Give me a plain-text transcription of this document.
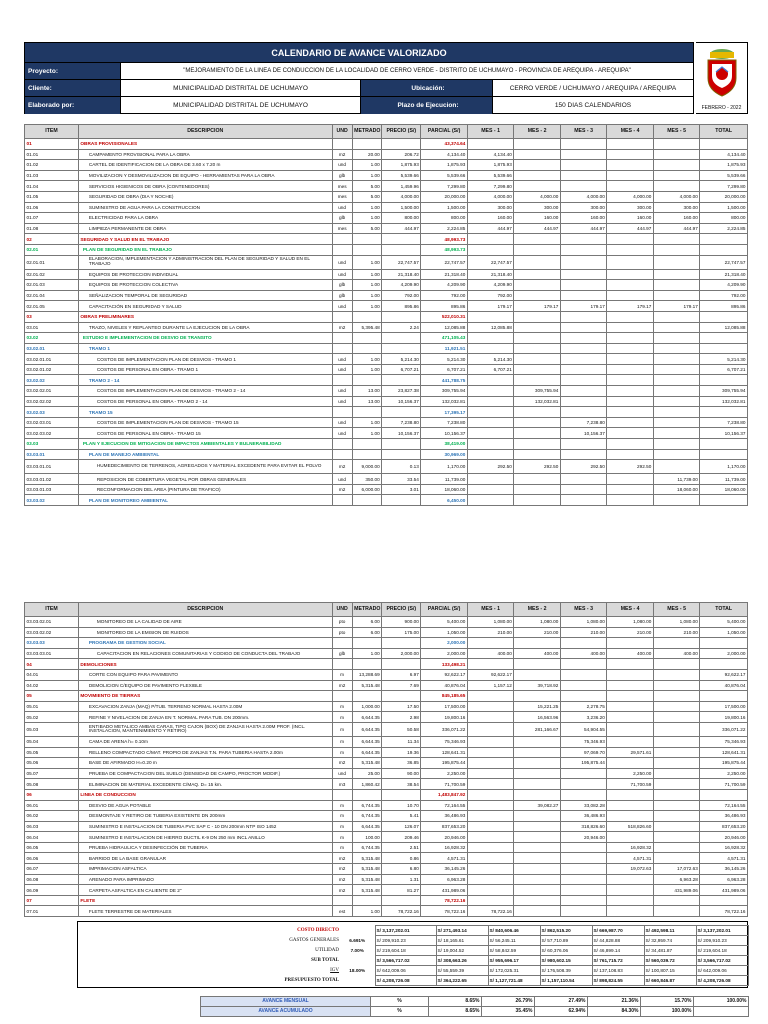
CALENDARIO DE AVANCE VALORIZADO
Proyecto:	"MEJORAMIENTO DE LA LINEA DE CONDUCCION DE LA LOCALIDAD DE CERRO VERDE - DISTRITO DE UCHUMAYO - PROVINCIA DE AREQUIPA - AREQUIPA"
Cliente:	MUNICIPALIDAD DISTRITAL DE UCHUMAYO	Ubicación:	CERRO VERDE / UCHUMAYO / AREQUIPA / AREQUIPA
Elaborado por:	MUNICIPALIDAD DISTRITAL DE UCHUMAYO	Plazo de Ejecucion:	150 DIAS CALENDARIOS	FEBRERO - 2022
ITEM	DESCRIPCION	UND	METRADO	PRECIO (S/)	PARCIAL (S/)	MES - 1	MES - 2	MES - 3	MES - 4	MES - 5	TOTAL
01	OBRAS PROVISIONALES				43,374.64						
01.01	CAMPAMENTO PROVISIONAL PARA LA OBRA	m2	20.00	206.72	4,134.40	4,134.40					4,134.40
01.02	CARTEL DE IDENTIFICACION DE LA OBRA DE 3.60 x 7.20 m	und	1.00	1,875.93	1,875.93	1,875.93					1,875.93
01.03	MOVILIZACION Y DESMOVILIZACION DE EQUIPO - HERRAMIENTAS PARA LA OBRA	glb	1.00	5,539.66	5,539.66	5,539.66					5,539.66
01.04	SERVICIOS HIGIENICOS DE OBRA (CONTENEDORES)	mes	5.00	1,459.96	7,299.80	7,299.80					7,299.80
01.05	SEGURIDAD DE OBRA (DIA Y NOCHE)	mes	5.00	4,000.00	20,000.00	4,000.00	4,000.00	4,000.00	4,000.00	4,000.00	20,000.00
01.06	SUMINISTRO DE AGUA PARA LA CONSTRUCCION	und	1.00	1,500.00	1,500.00	300.00	300.00	300.00	300.00	300.00	1,500.00
01.07	ELECTRICIDAD PARA LA OBRA	glb	1.00	800.00	800.00	160.00	160.00	160.00	160.00	160.00	800.00
01.08	LIMPIEZA PERMANENTE DE OBRA	mes	5.00	444.97	2,224.85	444.97	444.97	444.97	444.97	444.97	2,224.85
02	SEGURIDAD Y SALUD EN EL TRABAJO				48,993.73						
02.01	PLAN DE SEGURIDAD EN EL TRABAJO				48,993.73						
02.01.01	ELABORACION, IMPLEMENTACION Y ADMINISTRACION DEL PLAN DE SEGURIDAD Y SALUD EN EL TRABAJO	und	1.00	22,747.57	22,747.57	22,747.57					22,747.57
02.01.02	EQUIPOS DE PROTECCION INDIVIDUAL	und	1.00	21,318.40	21,318.40	21,318.40					21,318.40
02.01.03	EQUIPOS DE PROTECCION COLECTIVA	glb	1.00	4,209.90	4,209.90	4,209.90					4,209.90
02.01.04	SEÑALIZACION TEMPORAL DE SEGURIDAD	glb	1.00	792.00	792.00	792.00					792.00
02.01.05	CAPACITACIÓN EN SEGURIDAD Y SALUD	und	1.00	895.86	895.86	179.17	179.17	179.17	179.17	179.17	895.86
03	OBRAS PRELIMINARES				522,010.31						
03.01	TRAZO, NIVELES Y REPLANTEO DURANTE LA EJECUCION DE LA OBRA	m2	5,395.48	2.24	12,085.88	12,085.88					12,085.88
03.02	ESTUDIO E IMPLEMENTACION DE DESVIO DE TRANSITO				471,105.43						
03.02.01	TRAMO 1				11,921.51						
03.02.01.01	COSTOS DE IMPLEMENTACION PLAN DE DESVIOS - TRAMO 1	und	1.00	5,214.30	5,214.30	5,214.30					5,214.30
03.02.01.02	COSTOS DE PERSONAL EN OBRA - TRAMO 1	und	1.00	6,707.21	6,707.21	6,707.21					6,707.21
03.02.02	TRAMO 2 - 14				441,788.75						
03.02.02.01	COSTOS DE IMPLEMENTACION PLAN DE DESVIOS - TRAMO 2 - 14	und	13.00	23,827.38	309,755.94		309,755.94				309,755.94
03.02.02.02	COSTOS DE PERSONAL EN OBRA - TRAMO 2 - 14	und	13.00	10,156.37	132,032.81		132,032.81				132,032.81
03.02.03	TRAMO 15				17,395.17						
03.02.03.01	COSTOS DE IMPLEMENTACION PLAN DE DESVIOS - TRAMO 15	und	1.00	7,238.80	7,238.80			7,238.80			7,238.80
03.02.03.02	COSTOS DE PERSONAL EN OBRA - TRAMO 15	und	1.00	10,156.37	10,156.37			10,156.37			10,156.37
03.03	PLAN Y EJECUCION DE MITIGACION DE IMPACTOS AMBIENTALES Y BULNERABILIDAD				38,419.00						
03.03.01	PLAN DE MANEJO AMBIENTAL				30,969.00						
03.03.01.01	HUMEDECIMIENTO DE TERRENOS, AGREGADOS Y MATERIAL EXCEDENTE PARA EVITAR EL POLVO	m2	9,000.00	0.13	1,170.00	292.50	292.50	292.50	292.50		1,170.00
03.03.01.02	REPOSICION DE COBERTURA VEGETAL POR OBRAS GENERALES	und	350.00	33.54	11,739.00					11,739.00	11,739.00
03.03.01.03	RECONFORMACION DEL AREA (PINTURA DE TRAFICO)	m2	6,000.00	3.01	18,060.00					18,060.00	18,060.00
03.03.02	PLAN DE MONITOREO AMBIENTAL				6,450.00						
ITEM	DESCRIPCION	UND	METRADO	PRECIO (S/)	PARCIAL (S/)	MES - 1	MES - 2	MES - 3	MES - 4	MES - 5	TOTAL
03.03.02.01	MONITOREO DE LA CALIDAD DE AIRE	pto	6.00	900.00	5,400.00	1,080.00	1,080.00	1,080.00	1,080.00	1,080.00	5,400.00
03.03.02.02	MONITOREO DE LA EMISION DE RUIDOS	pto	6.00	175.00	1,050.00	210.00	210.00	210.00	210.00	210.00	1,050.00
03.03.03	PROGRAMA DE GESTION SOCIAL				2,000.00						
03.03.03.01	CAPACITACION EN RELACIONES COMUNITARIAS Y CODIGO DE CONDUCTA DEL TRABAJO	glb	1.00	2,000.00	2,000.00	400.00	400.00	400.00	400.00	400.00	2,000.00
04	DEMOLICIONES				133,498.21						
04.01	CORTE CON EQUIPO PARA PAVIMENTO	m	13,288.69	6.97	92,622.17	92,622.17					92,622.17
04.02	DEMOLICION C/EQUIPO DE PAVIMENTO FLEXIBLE	m2	5,315.48	7.69	40,876.04	1,157.12	39,718.92				40,876.04
05	MOVIMIENTO DE TIERRAS				845,185.65						
05.01	EXCAVACION ZANJA (MAQ) P/TUB. TERRENO NORMAL HASTA 2.00M	m	1,000.00	17.50	17,500.00		15,221.25	2,278.75			17,500.00
05.02	REFINE Y NIVELACION DE ZANJA EN T. NORMAL PARA TUB. DN 200mm.	m	6,644.35	2.98	19,800.16		16,563.96	3,236.20			19,800.16
05.03	ENTIBADO METALICO AMBAS CARAS, TIPO CAJON (BOX) DE ZANJAS HASTA 2.00M PROF. (INCL. INSTALACION, MANTENIMIENTO Y RETIRO)	m	6,644.35	50.58	336,071.22		281,166.67	54,904.55			336,071.22
05.04	CAMA DE ARENA h= 0.10m	m	6,644.35	11.34	75,346.93			75,346.93			75,346.93
05.05	RELLENO COMPACTADO C/MAT. PROPIO DE ZANJAS T.N. PARA TUBERIA HASTA 2.00m	m	6,644.35	19.36	128,641.31			97,069.70	29,571.61		128,641.31
05.06	BASE DE AFIRMADO H=0.20 m	m2	5,315.48	36.85	195,875.44			195,875.44			195,875.44
05.07	PRUEBA DE COMPACTACION DEL SUELO (DENSIDAD DE CAMPO, PROCTOR MODIF.)	und	25.00	90.00	2,250.00				2,250.00		2,250.00
05.08	ELIMINACION DE MATERIAL EXCEDENTE C/MAQ. D= 15 km.	m3	1,860.42	38.54	71,700.59				71,700.59		71,700.59
06	LINEA DE CONDUCCION				1,483,847.92						
06.01	DESVIO DE AGUA POTABLE	m	6,744.35	10.70	72,164.55		39,082.27	33,082.28			72,164.55
06.02	DESMONTAJE Y RETIRO DE TUBERIA EXISTENTE DN 200mm	m	6,744.35	5.41	36,486.93			36,486.93			36,486.93
06.03	SUMINISTRO E INSTALACION DE TUBERIA PVC SAP C - 10 DN 200mm NTP ISO 1452	m	6,644.35	126.07	837,653.20			318,826.60	518,826.60		837,653.20
06.04	SUMINISTRO E INSTALACION DE HIERRO DUCTIL K-9 DN 250 mm INCL ANILLO	m	100.00	209.46	20,946.00			20,946.00			20,946.00
06.05	PRUEBA HIDRAULICA Y DESINFECCIÓN DE TUBERIA	m	6,744.35	2.51	16,928.32				16,928.32		16,928.32
06.06	BARRIDO DE LA BASE GRANULAR	m2	5,315.48	0.86	4,571.31				4,571.31		4,571.31
06.07	IMPRIMACION ASFALTICA	m2	5,315.48	6.80	36,145.26				19,072.63	17,072.63	36,145.26
06.08	ARENADO PARA IMPRIMADO	m2	5,315.48	1.31	6,963.28					6,963.28	6,963.28
06.09	CARPETA ASFALTICA EN CALIENTE DE 2"	m2	5,315.48	81.27	431,989.06					431,989.06	431,989.06
07	FLETE				78,722.16						
07.01	FLETE TERRESTRE DE MATERIALES	est	1.00	78,722.16	78,722.16	78,722.16					78,722.16
COSTO DIRECTO		S/ 3,137,202.01	S/ 271,493.14	S/ 840,606.46	S/ 862,515.20	S/ 669,987.70	S/ 492,598.11	S/ 3,137,202.01
GASTOS GENERALES	6.691%	S/ 209,910.23	S/ 18,165.61	S/ 56,245.11	S/ 57,710.89	S/ 44,828.88	S/ 32,959.74	S/ 209,910.23
UTILIDAD	7.00%	S/ 219,604.18	S/ 19,004.52	S/ 58,842.59	S/ 60,376.06	S/ 46,899.14	S/ 34,481.87	S/ 219,604.18
SUB TOTAL		S/ 3,566,717.02	S/ 308,663.26	S/ 955,696.17	S/ 980,602.15	S/ 761,715.72	S/ 560,039.72	S/ 3,566,717.02
IGV	18.00%	S/ 642,009.06	S/ 55,559.39	S/ 172,025.31	S/ 176,508.39	S/ 137,108.83	S/ 100,807.15	S/ 642,009.06
PRESUPUESTO TOTAL		S/ 4,208,726.08	S/ 364,222.65	S/ 1,127,721.48	S/ 1,157,110.54	S/ 898,824.55	S/ 660,846.87	S/ 4,208,726.08
AVANCE MENSUAL	%	8.65%	26.79%	27.49%	21.36%	15.70%	100.00%
AVANCE ACUMULADO	%	8.65%	35.45%	62.94%	84.30%	100.00%	
